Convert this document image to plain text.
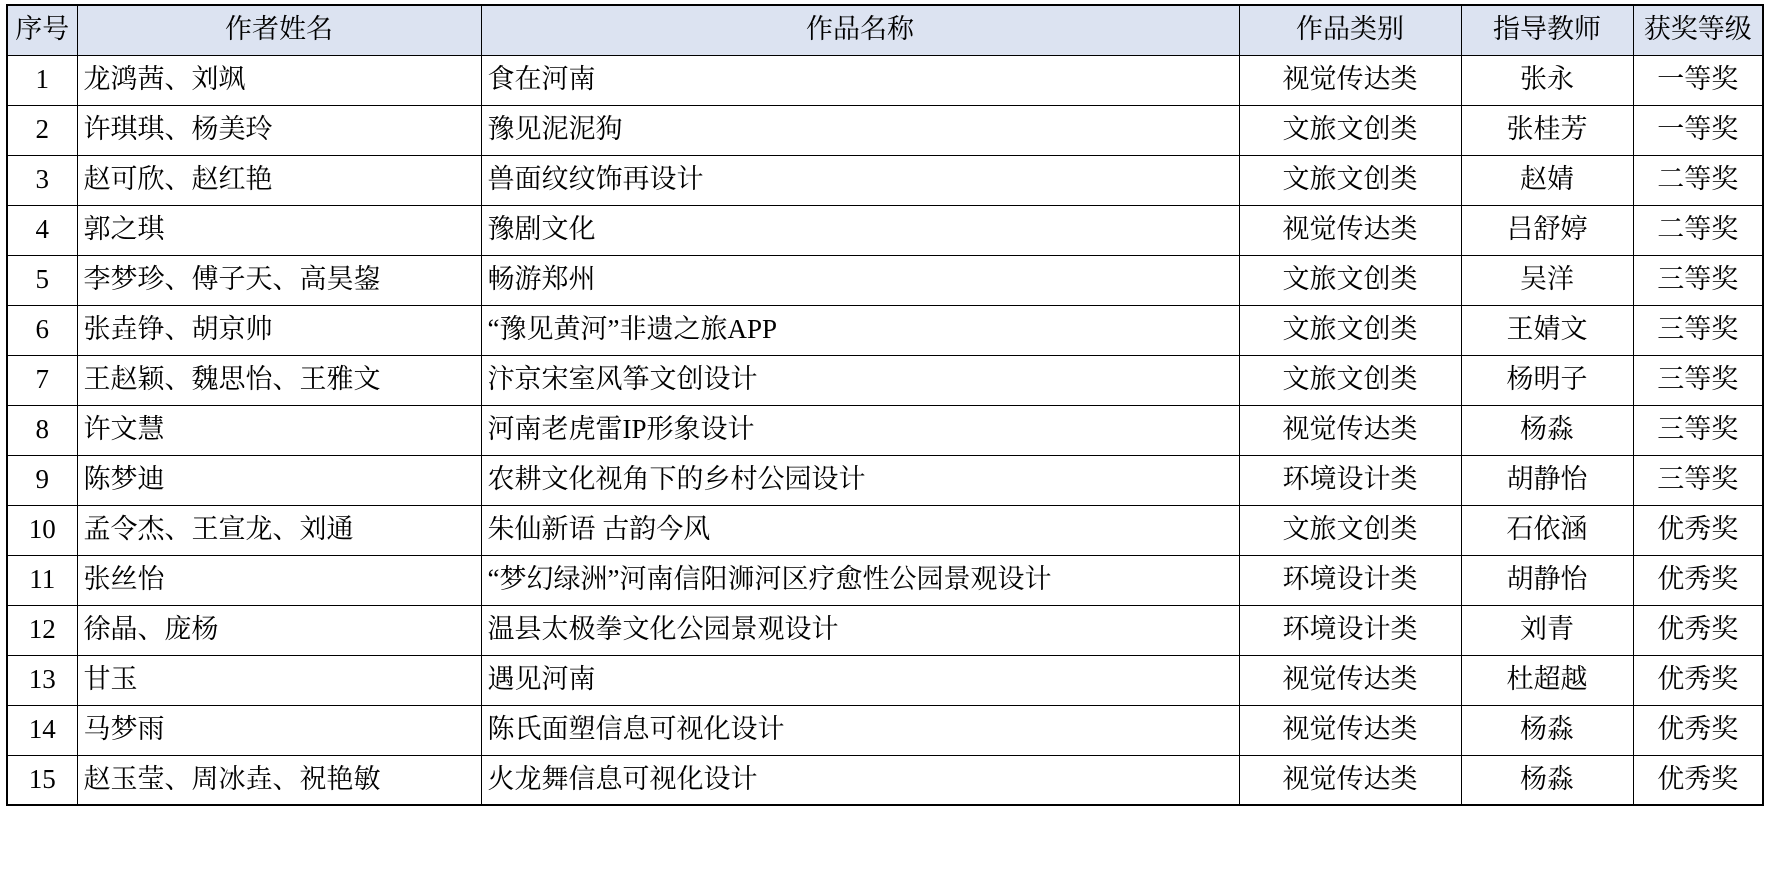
序号	作者姓名	作品名称	作品类别	指导教师	获奖等级
1	龙鸿茜、刘飒	食在河南	视觉传达类	张永	一等奖
2	许琪琪、杨美玲	豫见泥泥狗	文旅文创类	张桂芳	一等奖
3	赵可欣、赵红艳	兽面纹纹饰再设计	文旅文创类	赵婧	二等奖
4	郭之琪	豫剧文化	视觉传达类	吕舒婷	二等奖
5	李梦珍、傅子天、高昊鋆	畅游郑州	文旅文创类	吴洋	三等奖
6	张垚铮、胡京帅	“豫见黄河”非遗之旅APP	文旅文创类	王婧文	三等奖
7	王赵颖、魏思怡、王雅文	汴京宋室风筝文创设计	文旅文创类	杨明子	三等奖
8	许文慧	河南老虎雷IP形象设计	视觉传达类	杨淼	三等奖
9	陈梦迪	农耕文化视角下的乡村公园设计	环境设计类	胡静怡	三等奖
10	孟令杰、王宣龙、刘通	朱仙新语 古韵今风	文旅文创类	石依涵	优秀奖
11	张丝怡	“梦幻绿洲”河南信阳浉河区疗愈性公园景观设计	环境设计类	胡静怡	优秀奖
12	徐晶、庞杨	温县太极拳文化公园景观设计	环境设计类	刘青	优秀奖
13	甘玉	遇见河南	视觉传达类	杜超越	优秀奖
14	马梦雨	陈氏面塑信息可视化设计	视觉传达类	杨淼	优秀奖
15	赵玉莹、周冰垚、祝艳敏	火龙舞信息可视化设计	视觉传达类	杨淼	优秀奖
